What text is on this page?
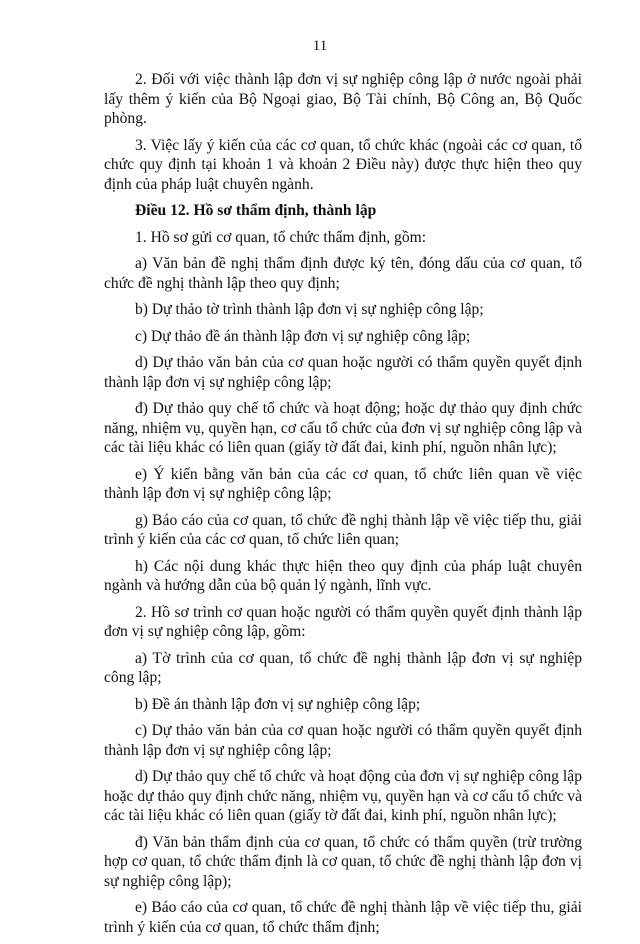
11

2. Đối với việc thành lập đơn vị sự nghiệp công lập ở nước ngoài phải lấy thêm ý kiến của Bộ Ngoại giao, Bộ Tài chính, Bộ Công an, Bộ Quốc phòng.

3. Việc lấy ý kiến của các cơ quan, tổ chức khác (ngoài các cơ quan, tổ chức quy định tại khoản 1 và khoản 2 Điều này) được thực hiện theo quy định của pháp luật chuyên ngành.

Điều 12. Hồ sơ thẩm định, thành lập

1. Hồ sơ gửi cơ quan, tổ chức thẩm định, gồm:

a) Văn bản đề nghị thẩm định được ký tên, đóng dấu của cơ quan, tổ chức đề nghị thành lập theo quy định;

b) Dự thảo tờ trình thành lập đơn vị sự nghiệp công lập;

c) Dự thảo đề án thành lập đơn vị sự nghiệp công lập;

d) Dự thảo văn bản của cơ quan hoặc người có thẩm quyền quyết định thành lập đơn vị sự nghiệp công lập;

đ) Dự thảo quy chế tổ chức và hoạt động; hoặc dự thảo quy định chức năng, nhiệm vụ, quyền hạn, cơ cấu tổ chức của đơn vị sự nghiệp công lập và các tài liệu khác có liên quan (giấy tờ đất đai, kinh phí, nguồn nhân lực);

e) Ý kiến bằng văn bản của các cơ quan, tổ chức liên quan về việc thành lập đơn vị sự nghiệp công lập;

g) Báo cáo của cơ quan, tổ chức đề nghị thành lập về việc tiếp thu, giải trình ý kiến của các cơ quan, tổ chức liên quan;

h) Các nội dung khác thực hiện theo quy định của pháp luật chuyên ngành và hướng dẫn của bộ quản lý ngành, lĩnh vực.

2. Hồ sơ trình cơ quan hoặc người có thẩm quyền quyết định thành lập đơn vị sự nghiệp công lập, gồm:

a) Tờ trình của cơ quan, tổ chức đề nghị thành lập đơn vị sự nghiệp công lập;

b) Đề án thành lập đơn vị sự nghiệp công lập;

c) Dự thảo văn bản của cơ quan hoặc người có thẩm quyền quyết định thành lập đơn vị sự nghiệp công lập;

d) Dự thảo quy chế tổ chức và hoạt động của đơn vị sự nghiệp công lập hoặc dự thảo quy định chức năng, nhiệm vụ, quyền hạn và cơ cấu tổ chức và các tài liệu khác có liên quan (giấy tờ đất đai, kinh phí, nguồn nhân lực);

đ) Văn bản thẩm định của cơ quan, tổ chức có thẩm quyền (trừ trường hợp cơ quan, tổ chức thẩm định là cơ quan, tổ chức đề nghị thành lập đơn vị sự nghiệp công lập);

e) Báo cáo của cơ quan, tổ chức đề nghị thành lập về việc tiếp thu, giải trình ý kiến của cơ quan, tổ chức thẩm định;
